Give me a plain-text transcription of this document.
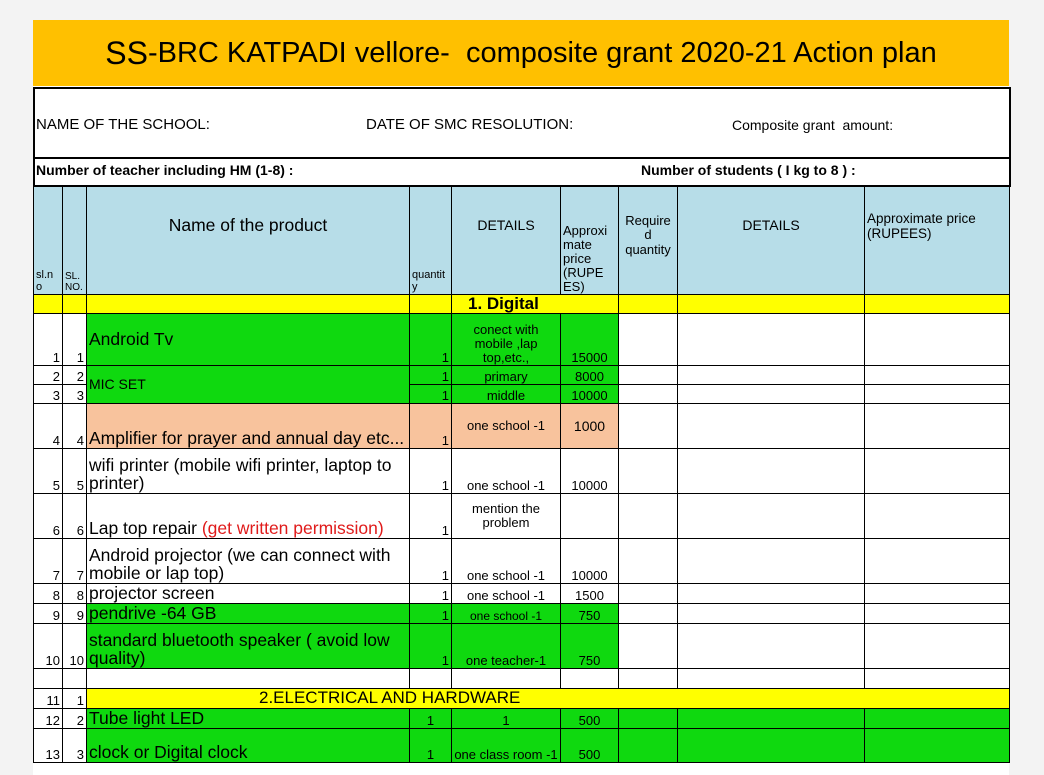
SS -BRC KATPADI vellore-  composite grant 2020-21 Action plan
NAME OF THE SCHOOL:	DATE OF SMC RESOLUTION:	Composite grant  amount:
Number of teacher including HM (1-8) :	Number of students ( I kg to 8 ) :
sl.n o	SL. NO.	Name of the product	quantit y	DETAILS	Approxi mate price (RUPE ES)	Require d quantity	DETAILS	Approximate price (RUPEES)
				1. Digital				
1	1	Android Tv	1	conect with mobile ,lap top,etc.,	15000			
2	2	MIC SET	1	primary	8000			
3	3		1	middle	10000			
4	4	Amplifier for prayer and annual day etc...	1	one school -1	1000			
5	5	wifi printer (mobile wifi printer, laptop to printer)	1	one school -1	10000			
6	6	Lap top repair (get written permission)	1	mention the problem				
7	7	Android projector (we can connect with mobile or lap top)	1	one school -1	10000			
8	8	projector screen	1	one school -1	1500			
9	9	pendrive -64 GB	1	one school -1	750			
10	10	standard bluetooth speaker ( avoid low quality)	1	one teacher-1	750			

11	1	2.ELECTRICAL AND HARDWARE						
12	2	Tube light LED	1	1	500			
13	3	clock or Digital clock	1	one class room -1	500			
